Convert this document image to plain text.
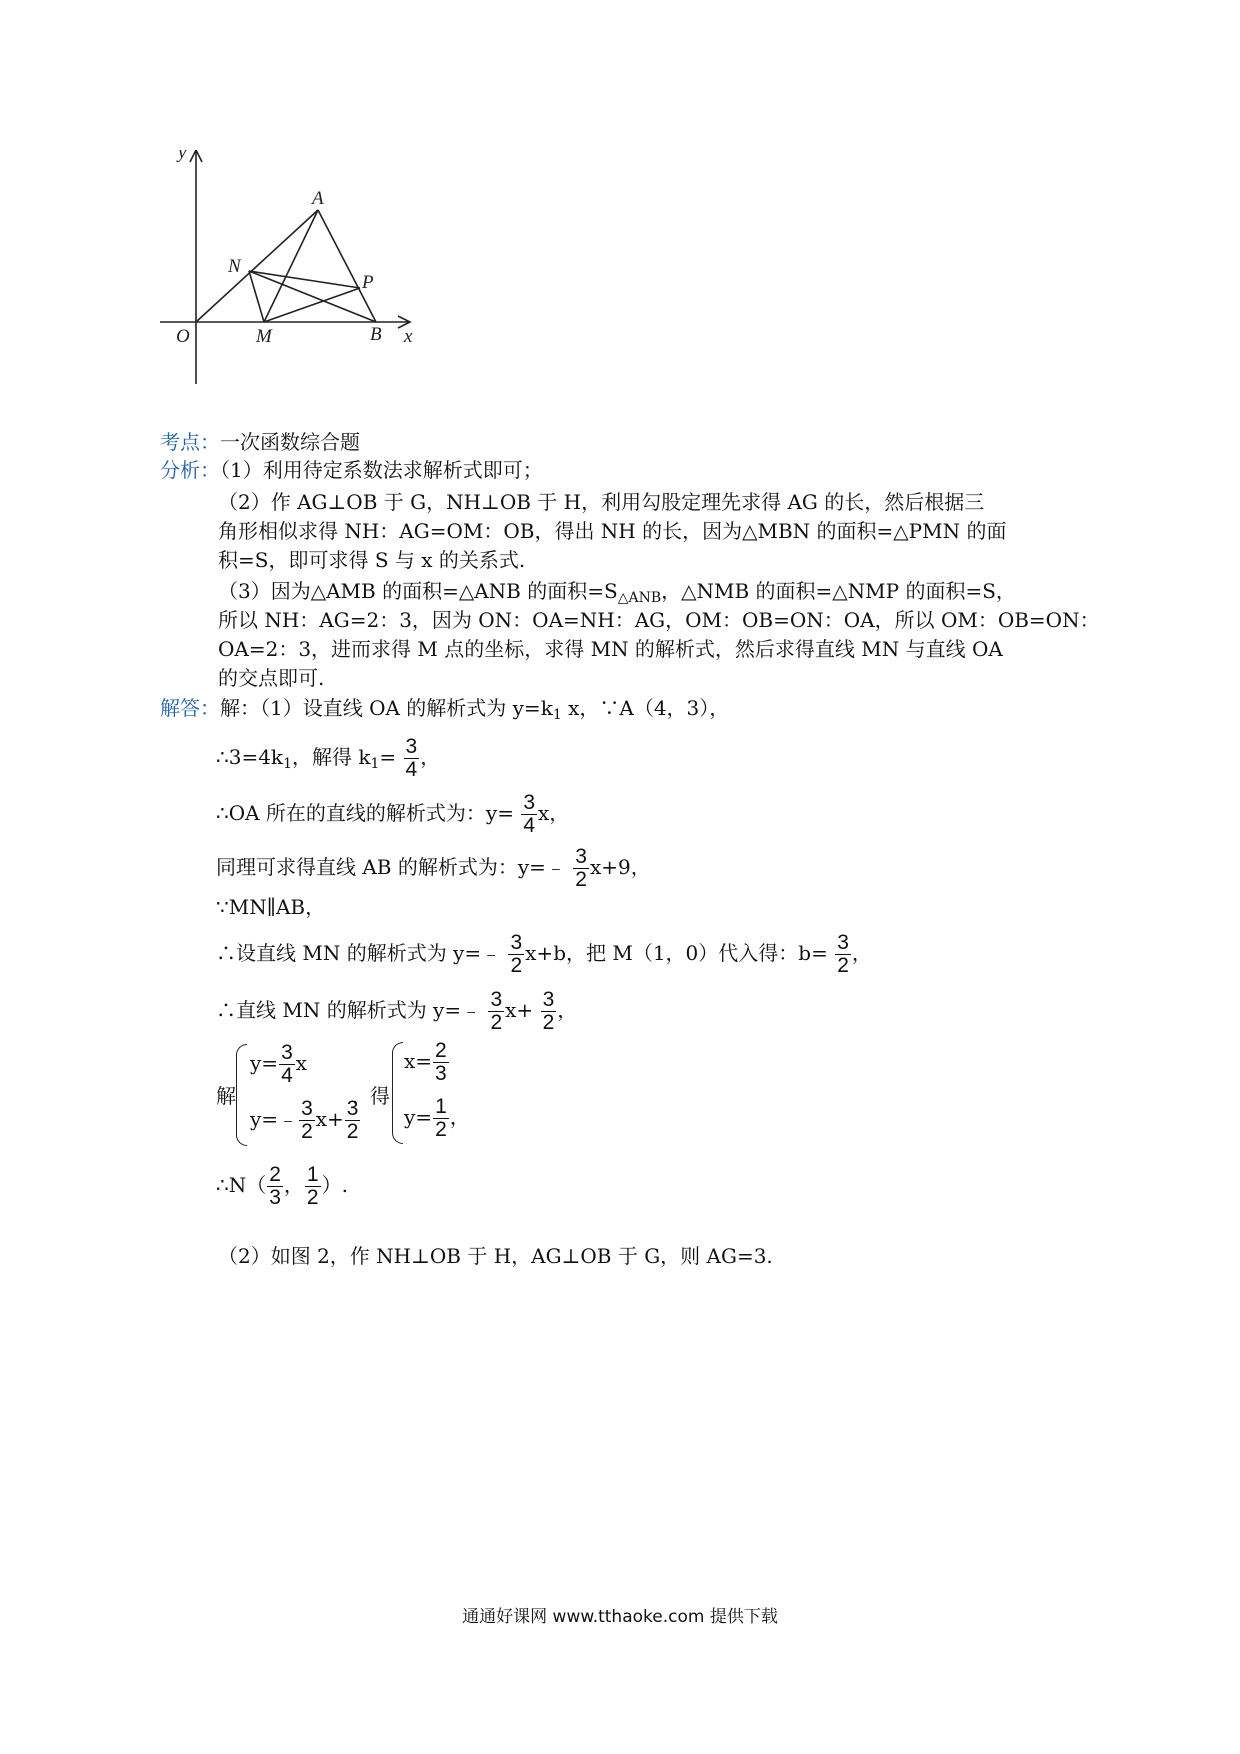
y
x
O
A
N
P
M	B
考点：一次函数综合题
分析：（1）利用待定系数法求解析式即可；
（2）作 AG⊥OB 于 G，NH⊥OB 于 H，利用勾股定理先求得 AG 的长，然后根据三
角形相似求得 NH：AG=OM：OB，得出 NH 的长，因为△MBN 的面积=△PMN 的面
积=S，即可求得 S 与 x 的关系式.
（3）因为△AMB 的面积=△ANB 的面积$=S_{\triangle ANB}$，△NMB 的面积=△NMP 的面积=S，
所以 NH：AG=2：3，因为 ON：OA=NH：AG，OM：OB=ON：OA，所以 OM：OB=ON：
OA=2：3，进而求得 M 点的坐标，求得 MN 的解析式，然后求得直线 MN 与直线 OA
的交点即可.
解答：解：（1）设直线 OA 的解析式为 $y=k_1$ x，∵A（4，3），
$\therefore 3=4k_1$，解得 $k_1= \frac{3}{4}$ ，
∴OA 所在的直线的解析式为：$y= \frac{3}{4}$ x，
同理可求得直线 AB 的解析式为：y=﹣ $\frac{3}{2} x+9$，
∵MN∥AB，
∴设直线 MN 的解析式为 y=﹣ $\frac{3}{2} x+b$，把 M（1，0）代入得：$b= \frac{3}{2}$ ，
∴直线 MN 的解析式为 y=﹣ $\frac{3}{2} x+ \frac{3}{2}$ ，
解
$y= \frac{3}{4}$ x
y=﹣ $\frac{3}{2} x+ \frac{3}{2}$
，
得
$x= \frac{2}{3}$
$y= \frac{1}{2}$ ，
∴N（ $\frac{2}{3}$ ， $\frac{1}{2}$ ）.
（2）如图 2，作 NH⊥OB 于 H，AG⊥OB 于 G，则 AG=3.
通通好课网 www.tthaoke.com 提供下载
